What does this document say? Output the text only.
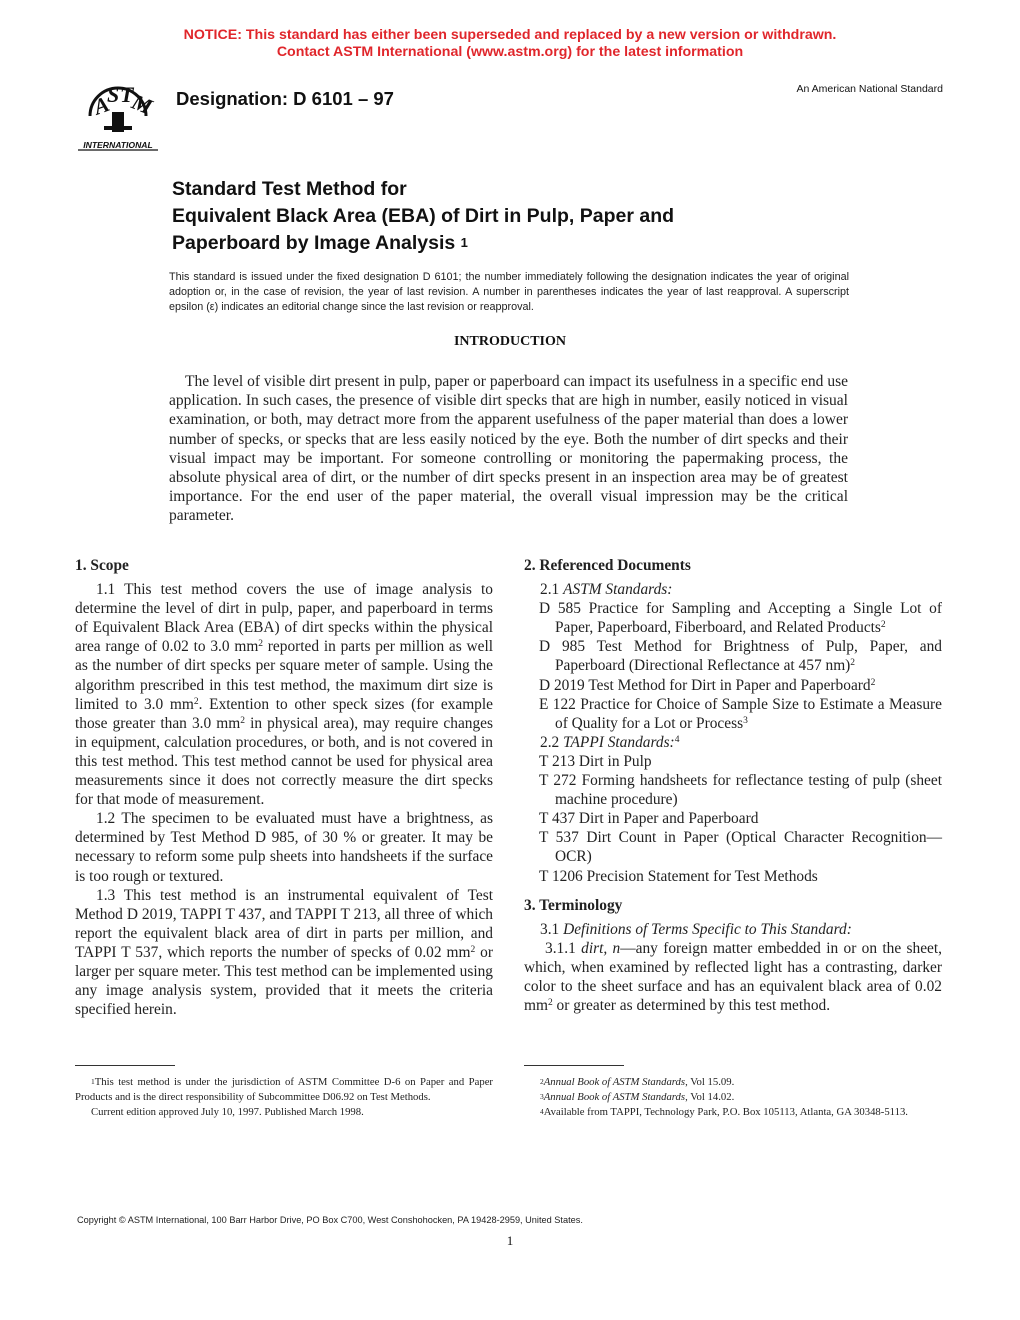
NOTICE: This standard has either been superseded and replaced by a new version or withdrawn.
Contact ASTM International (www.astm.org) for the latest information
A
S T
M
INTERNATIONAL
Designation: D 6101 – 97	An American National Standard
Standard Test Method for
Equivalent Black Area (EBA) of Dirt in Pulp, Paper and
Paperboard by Image Analysis $^1$
This standard is issued under the fixed designation D 6101; the number immediately following the designation indicates the year of original adoption or, in the case of revision, the year of last revision. A number in parentheses indicates the year of last reapproval. A superscript epsilon (ε) indicates an editorial change since the last revision or reapproval.
INTRODUCTION

The level of visible dirt present in pulp, paper or paperboard can impact its usefulness in a specific end use application. In such cases, the presence of visible dirt specks that are high in number, easily noticed in visual examination, or both, may detract more from the apparent usefulness of the paper material than does a lower number of specks, or specks that are less easily noticed by the eye. Both the number of dirt specks and their visual impact may be important. For someone controlling or monitoring the papermaking process, the absolute physical area of dirt, or the number of dirt specks present in an inspection area may be of greatest importance. For the end user of the paper material, the overall visual impression may be the critical parameter.

1. Scope

1.1 This test method covers the use of image analysis to determine the level of dirt in pulp, paper, and paperboard in terms of Equivalent Black Area (EBA) of dirt specks within the physical area range of 0.02 to 3.0 $mm^2$ reported in parts per million as well as the number of dirt specks per square meter of sample. Using the algorithm prescribed in this test method, the maximum dirt size is limited to 3.0 $mm^2$. Extention to other speck sizes (for example those greater than 3.0 $mm^2$ in physical area), may require changes in equipment, calculation procedures, or both, and is not covered in this test method. This test method cannot be used for physical area measurements since it does not correctly measure the dirt specks for that mode of measurement.

1.2 The specimen to be evaluated must have a brightness, as determined by Test Method D 985, of 30 % or greater. It may be necessary to reform some pulp sheets into handsheets if the surface is too rough or textured.

1.3 This test method is an instrumental equivalent of Test Method D 2019, TAPPI T 437, and TAPPI T 213, all three of which report the equivalent black area of dirt in parts per million, and TAPPI T 537, which reports the number of specks of 0.02 $mm^2$ or larger per square meter. This test method can be implemented using any image analysis system, provided that it meets the criteria specified herein.

2. Referenced Documents

2.1 ASTM Standards:

D 585 Practice for Sampling and Accepting a Single Lot of Paper, Paperboard, Fiberboard, and Related Products$^2$

D 985 Test Method for Brightness of Pulp, Paper, and Paperboard (Directional Reflectance at 457 nm)$^2$

D 2019 Test Method for Dirt in Paper and Paperboard$^2$

E 122 Practice for Choice of Sample Size to Estimate a Measure of Quality for a Lot or Process$^3$

2.2 TAPPI Standards:$^4$

T 213 Dirt in Pulp

T 272 Forming handsheets for reflectance testing of pulp (sheet machine procedure)

T 437 Dirt in Paper and Paperboard

T 537 Dirt Count in Paper (Optical Character Recognition—OCR)

T 1206 Precision Statement for Test Methods

3. Terminology

3.1 Definitions of Terms Specific to This Standard:

3.1.1 dirt, n—any foreign matter embedded in or on the sheet, which, when examined by reflected light has a contrasting, darker color to the sheet surface and has an equivalent black area of 0.02 $mm^2$ or greater as determined by this test method.

$^1$This test method is under the jurisdiction of ASTM Committee D-6 on Paper and Paper Products and is the direct responsibility of Subcommittee D06.92 on Test Methods.

Current edition approved July 10, 1997. Published March 1998.

$^2$Annual Book of ASTM Standards, Vol 15.09.

$^3$Annual Book of ASTM Standards, Vol 14.02.

$^4$Available from TAPPI, Technology Park, P.O. Box 105113, Atlanta, GA 30348-5113.

Copyright © ASTM International, 100 Barr Harbor Drive, PO Box C700, West Conshohocken, PA 19428-2959, United States.
1
